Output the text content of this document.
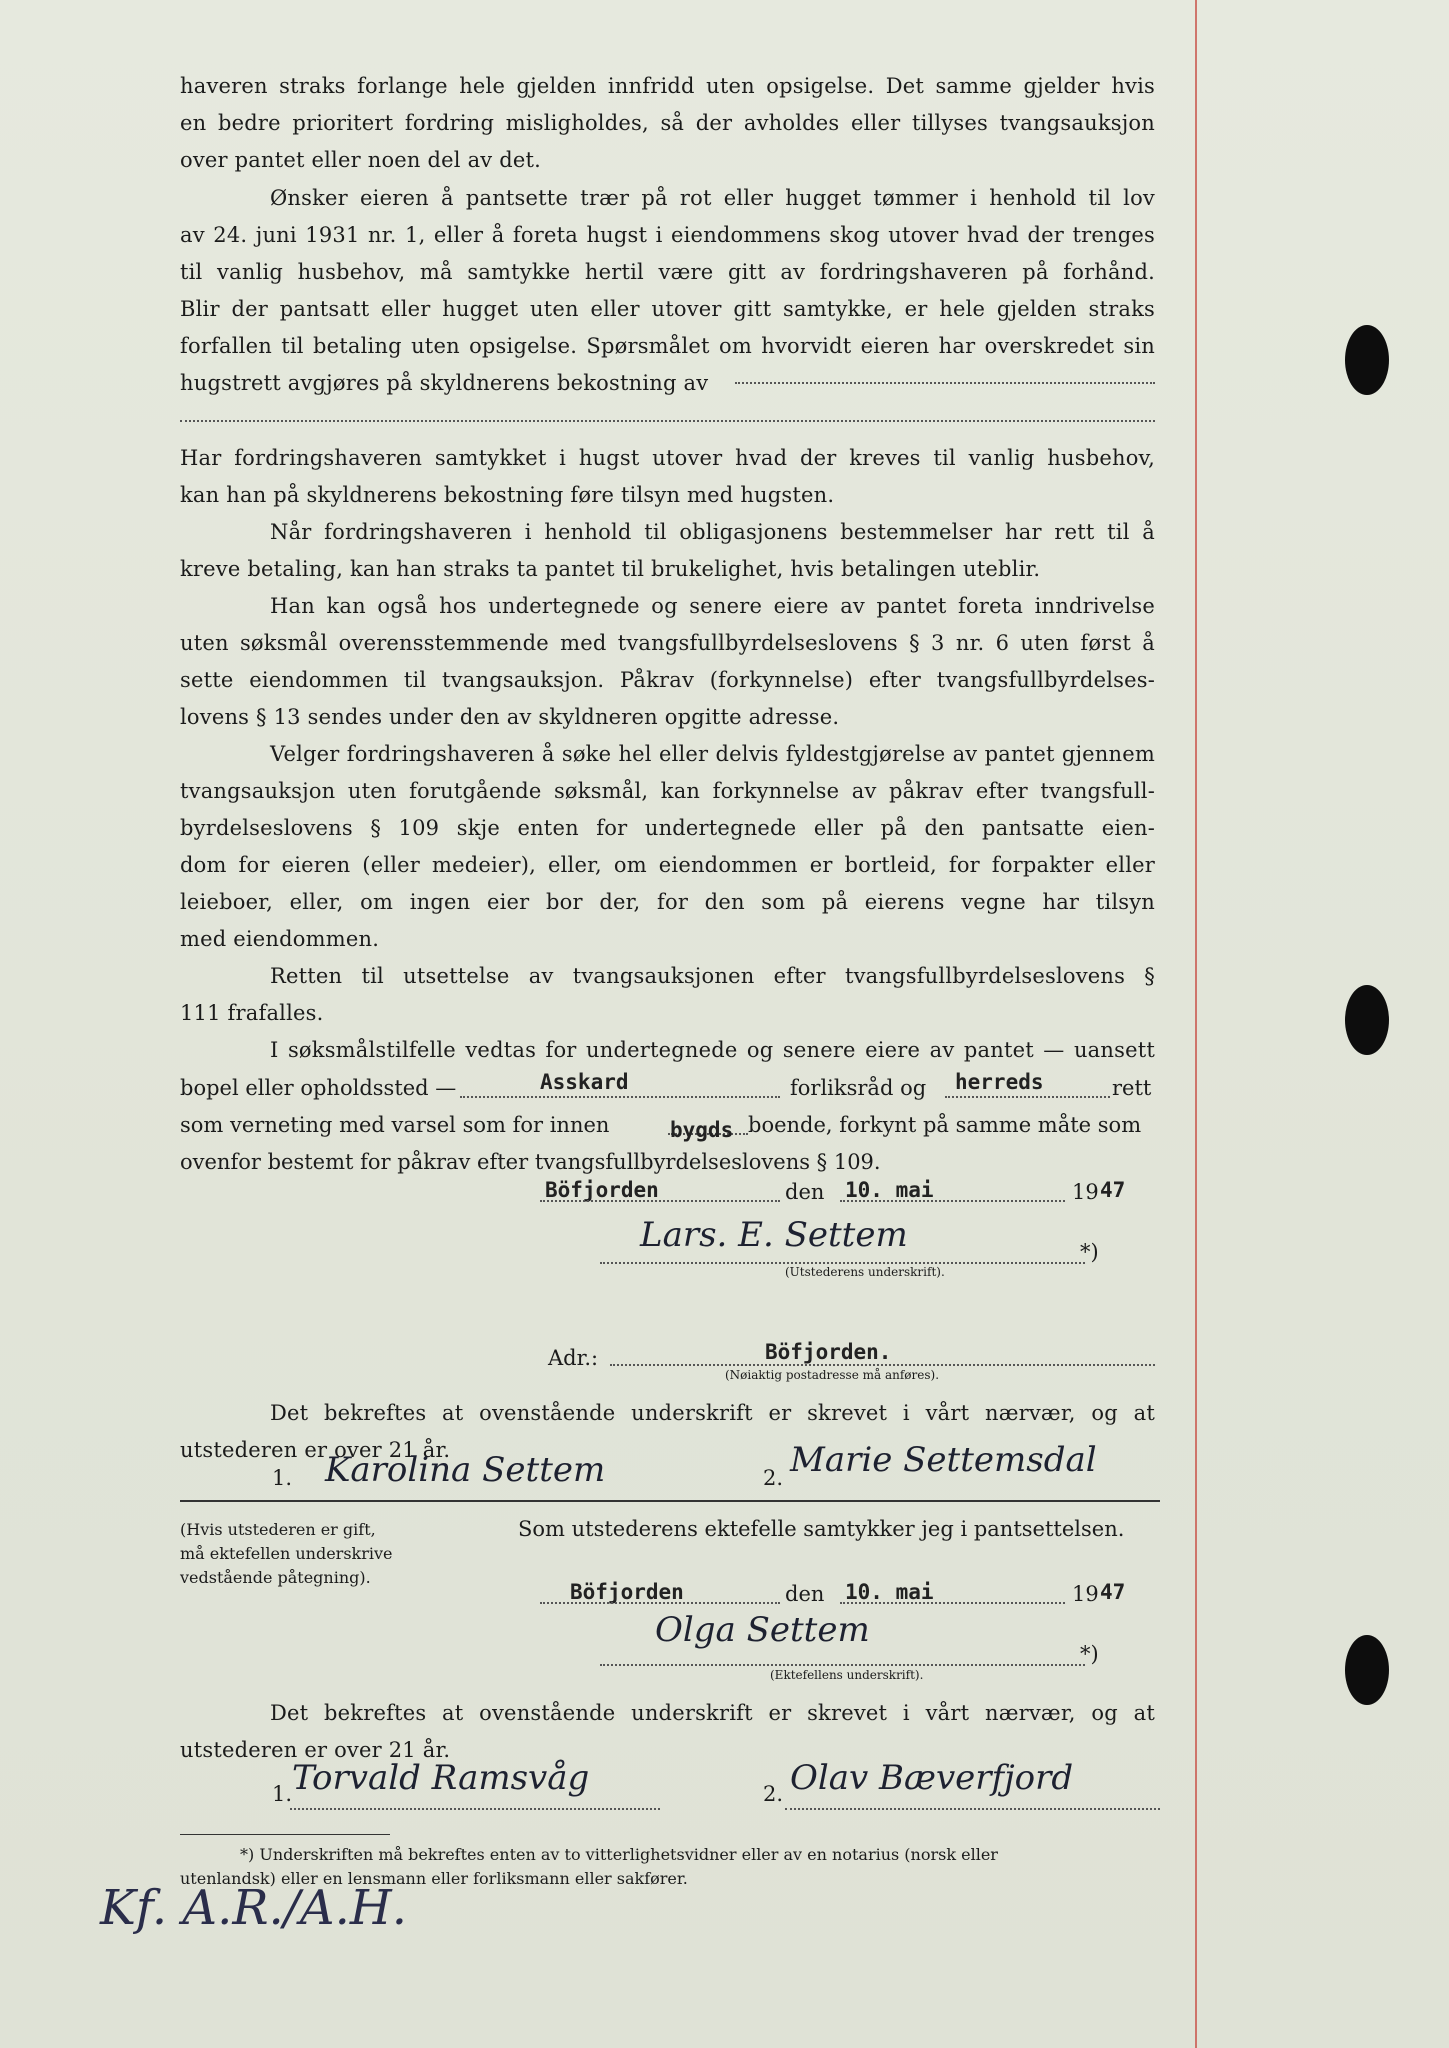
haveren straks forlange hele gjelden innfridd uten opsigelse. Det samme gjelder hvis
en bedre prioritert fordring misligholdes, så der avholdes eller tillyses tvangsauksjon
over pantet eller noen del av det.
Ønsker eieren å pantsette trær på rot eller hugget tømmer i henhold til lov
av 24. juni 1931 nr. 1, eller å foreta hugst i eiendommens skog utover hvad der trenges
til vanlig husbehov, må samtykke hertil være gitt av fordringshaveren på forhånd.
Blir der pantsatt eller hugget uten eller utover gitt samtykke, er hele gjelden straks
forfallen til betaling uten opsigelse. Spørsmålet om hvorvidt eieren har overskredet sin
hugstrett avgjøres på skyldnerens bekostning av
Har fordringshaveren samtykket i hugst utover hvad der kreves til vanlig husbehov,
kan han på skyldnerens bekostning føre tilsyn med hugsten.
Når fordringshaveren i henhold til obligasjonens bestemmelser har rett til å
kreve betaling, kan han straks ta pantet til brukelighet, hvis betalingen uteblir.
Han kan også hos undertegnede og senere eiere av pantet foreta inndrivelse
uten søksmål overensstemmende med tvangsfullbyrdelseslovens § 3 nr. 6 uten først å
sette eiendommen til tvangsauksjon. Påkrav (forkynnelse) efter tvangsfullbyrdelses-
lovens § 13 sendes under den av skyldneren opgitte adresse.
Velger fordringshaveren å søke hel eller delvis fyldestgjørelse av pantet gjennem
tvangsauksjon uten forutgående søksmål, kan forkynnelse av påkrav efter tvangsfull-
byrdelseslovens § 109 skje enten for undertegnede eller på den pantsatte eien-
dom for eieren (eller medeier), eller, om eiendommen er bortleid, for forpakter eller
leieboer, eller, om ingen eier bor der, for den som på eierens vegne har tilsyn
med eiendommen.
Retten til utsettelse av tvangsauksjonen efter tvangsfullbyrdelseslovens §
111 frafalles.
I søksmålstilfelle vedtas for undertegnede og senere eiere av pantet — uansett
bopel eller opholdssted —	Asskard	forliksråd og herreds	rett
som verneting med varsel som for innen	bygds boende, forkynt på samme måte som
ovenfor bestemt for påkrav efter tvangsfullbyrdelseslovens § 109.
Böfjorden	den 10. mai	19 47
Lars. E. Settem	*)
(Utstederens underskrift).
Adr.:	Böfjorden.
(Nøiaktig postadresse må anføres).
Det bekreftes at ovenstående underskrift er skrevet i vårt nærvær, og at
utstederen er over 21 år.
1. Karolina Settem	2. Marie Settemsdal
(Hvis utstederen er gift,
må ektefellen underskrive
vedstående påtegning).
Som utstederens ektefelle samtykker jeg i pantsettelsen.
Böfjorden	den 10. mai	19 47
Olga Settem
*)
(Ektefellens underskrift).
Det bekreftes at ovenstående underskrift er skrevet i vårt nærvær, og at
utstederen er over 21 år.
1. Torvald Ramsvåg	2. Olav Bæverfjord
*) Underskriften må bekreftes enten av to vitterlighetsvidner eller av en notarius (norsk eller
utenlandsk) eller en lensmann eller forliksmann eller sakfører.
Kf. A.R./A.H.
